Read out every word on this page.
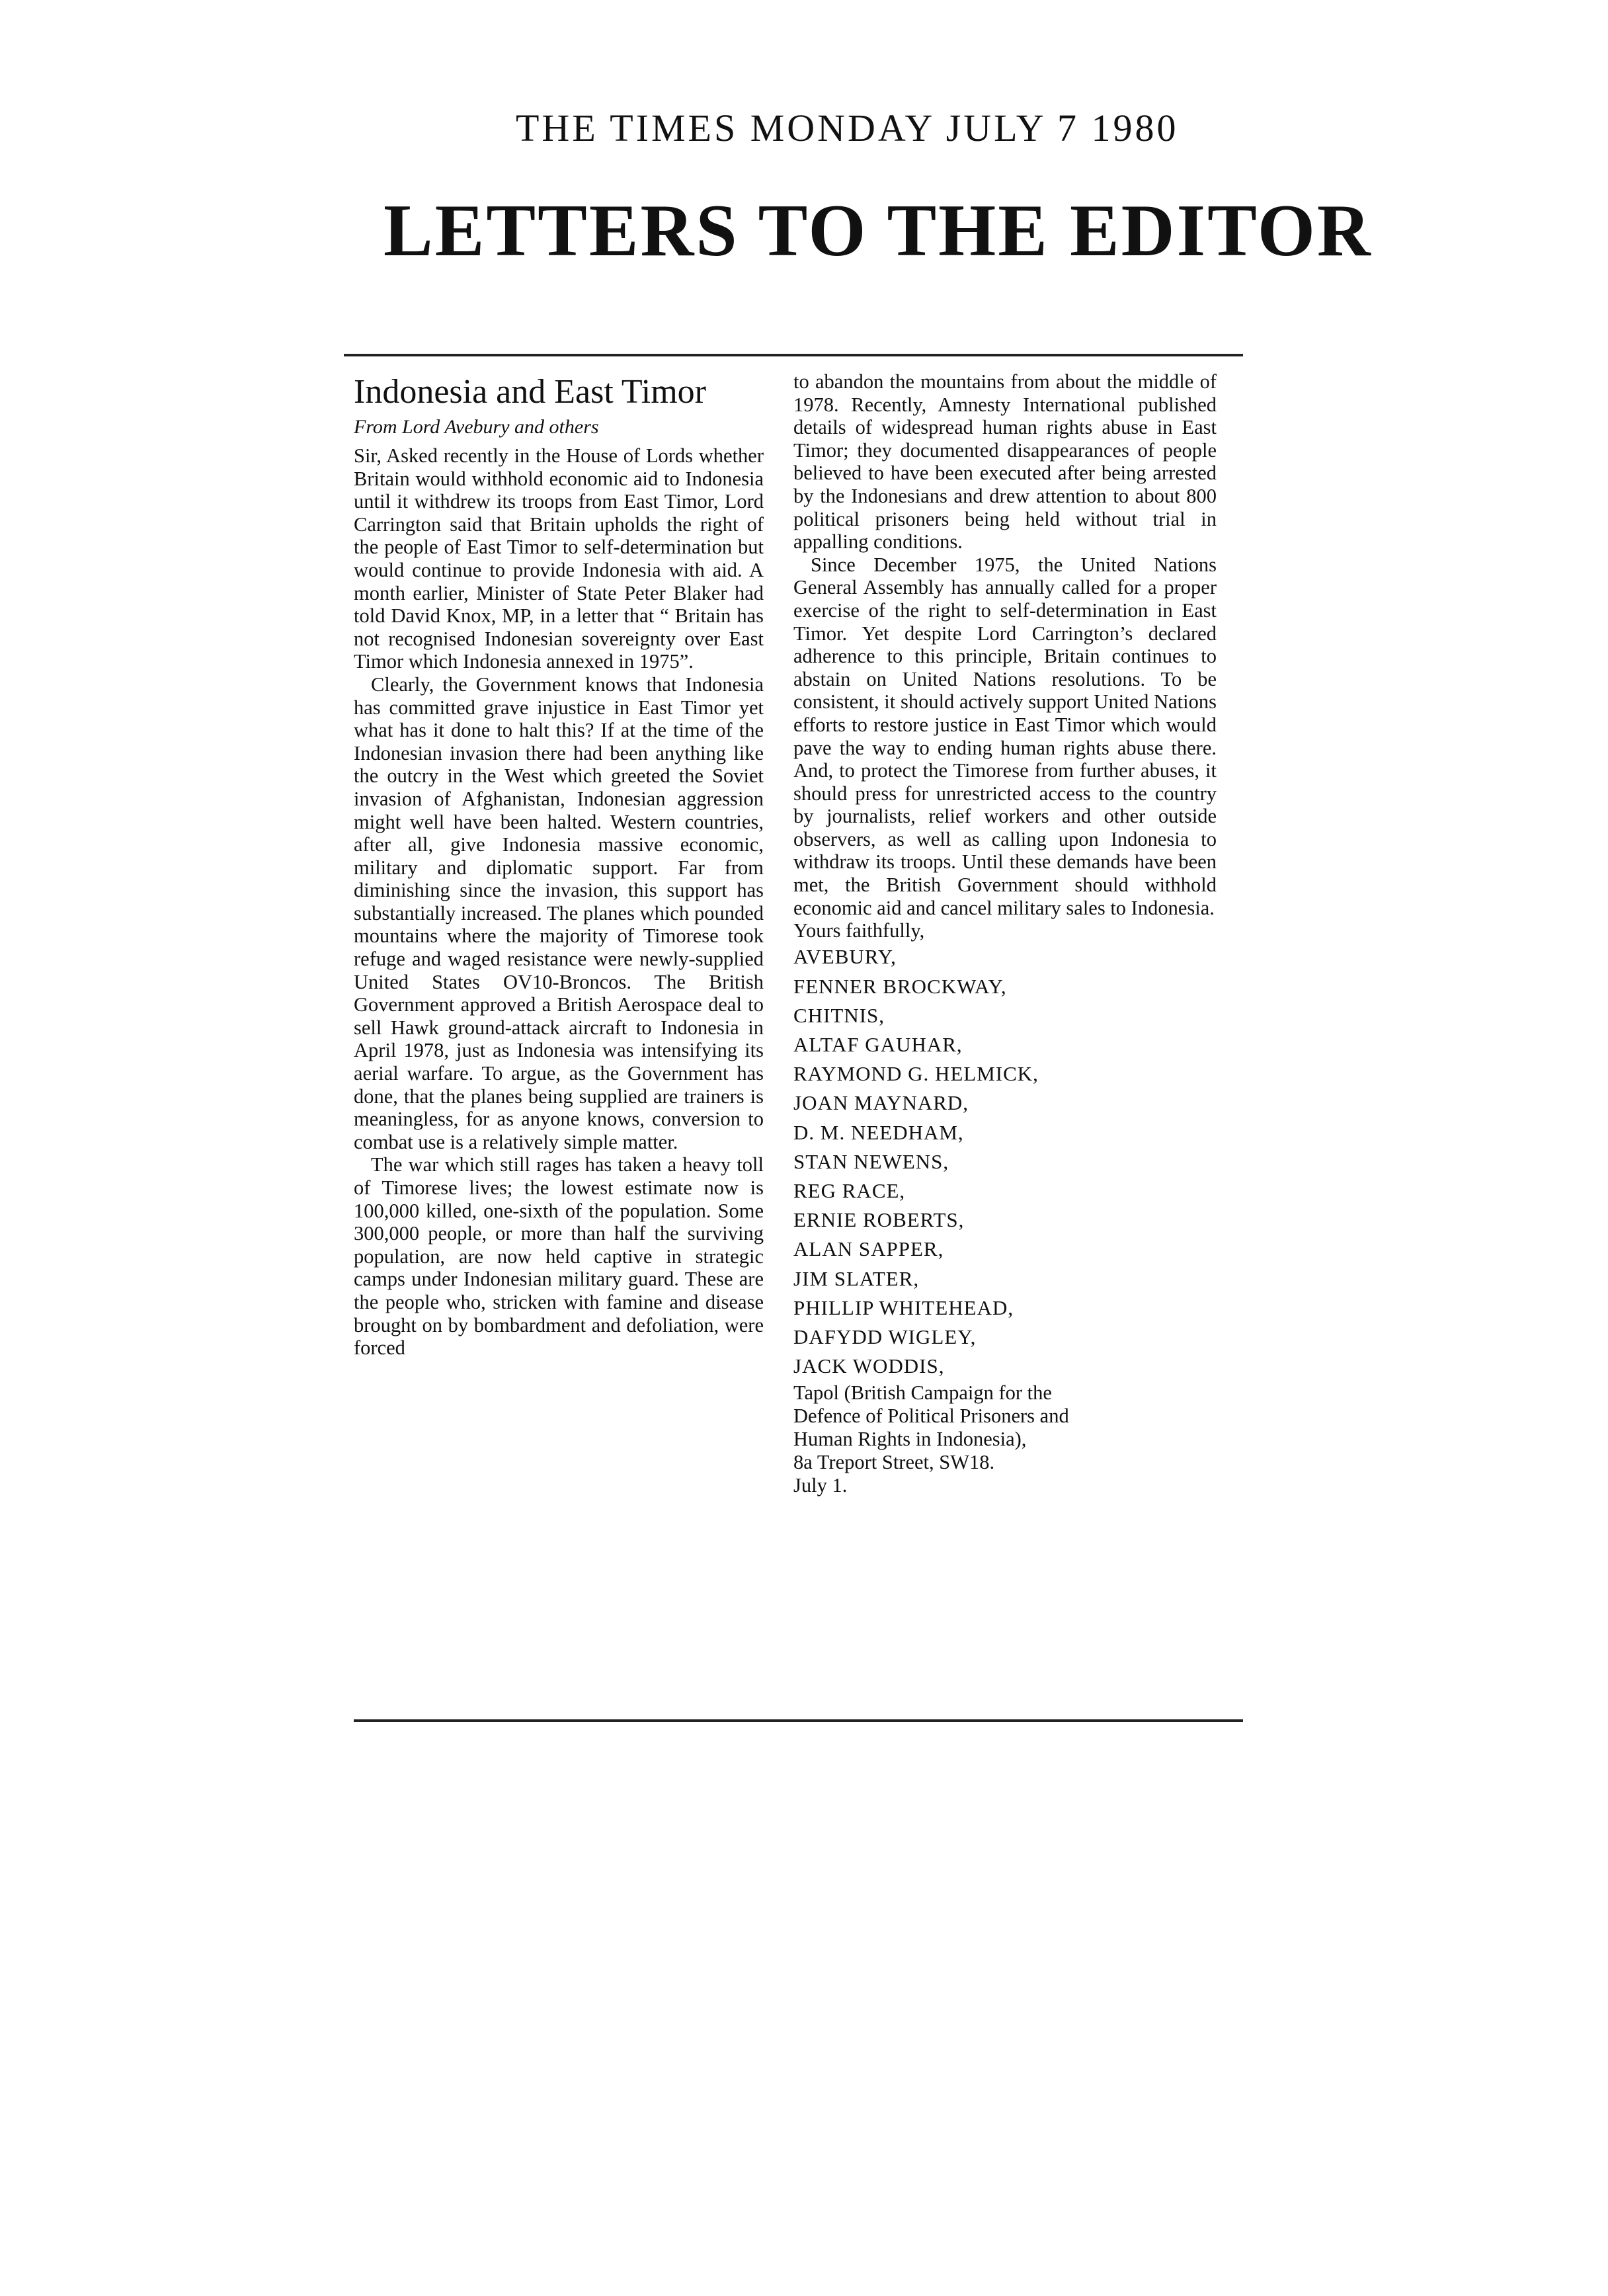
THE TIMES MONDAY JULY 7 1980
LETTERS TO THE EDITOR
Indonesia and East Timor
From Lord Avebury and others

Sir, Asked recently in the House of Lords whether Britain would withhold economic aid to Indonesia until it withdrew its troops from East Timor, Lord Carrington said that Britain upholds the right of the people of East Timor to self-determination but would continue to provide Indonesia with aid. A month earlier, Minister of State Peter Blaker had told David Knox, MP, in a letter that “ Britain has not recognised Indonesian sovereignty over East Timor which Indonesia annexed in 1975”.

Clearly, the Government knows that Indonesia has committed grave injustice in East Timor yet what has it done to halt this? If at the time of the Indonesian invasion there had been anything like the outcry in the West which greeted the Soviet invasion of Afghanistan, Indonesian aggression might well have been halted. Western countries, after all, give Indonesia massive economic, military and diplomatic support. Far from diminishing since the invasion, this support has substantially increased. The planes which pounded mountains where the majority of Timorese took refuge and waged resistance were newly-supplied United States OV10-Broncos. The British Government approved a British Aerospace deal to sell Hawk ground-attack aircraft to Indonesia in April 1978, just as Indonesia was intensifying its aerial warfare. To argue, as the Government has done, that the planes being supplied are trainers is meaningless, for as anyone knows, conversion to combat use is a relatively simple matter.

The war which still rages has taken a heavy toll of Timorese lives; the lowest estimate now is 100,000 killed, one-sixth of the population. Some 300,000 people, or more than half the surviving population, are now held captive in strategic camps under Indonesian military guard. These are the people who, stricken with famine and disease brought on by bombardment and defoliation, were forced

to abandon the mountains from about the middle of 1978. Recently, Amnesty International published details of widespread human rights abuse in East Timor; they documented disappearances of people believed to have been executed after being arrested by the Indonesians and drew attention to about 800 political prisoners being held without trial in appalling conditions.

Since December 1975, the United Nations General Assembly has annually called for a proper exercise of the right to self-determination in East Timor. Yet despite Lord Carrington’s declared adherence to this principle, Britain continues to abstain on United Nations resolutions. To be consistent, it should actively support United Nations efforts to restore justice in East Timor which would pave the way to ending human rights abuse there. And, to protect the Timorese from further abuses, it should press for unrestricted access to the country by journalists, relief workers and other outside observers, as well as calling upon Indonesia to withdraw its troops. Until these demands have been met, the British Government should withhold economic aid and cancel military sales to Indonesia.

Yours faithfully,
AVEBURY,
FENNER BROCKWAY,
CHITNIS,
ALTAF GAUHAR,
RAYMOND G. HELMICK,
JOAN MAYNARD,
D. M. NEEDHAM,
STAN NEWENS,
REG RACE,
ERNIE ROBERTS,
ALAN SAPPER,
JIM SLATER,
PHILLIP WHITEHEAD,
DAFYDD WIGLEY,
JACK WODDIS,
Tapol (British Campaign for the
Defence of Political Prisoners and
Human Rights in Indonesia),
8a Treport Street, SW18.
July 1.
